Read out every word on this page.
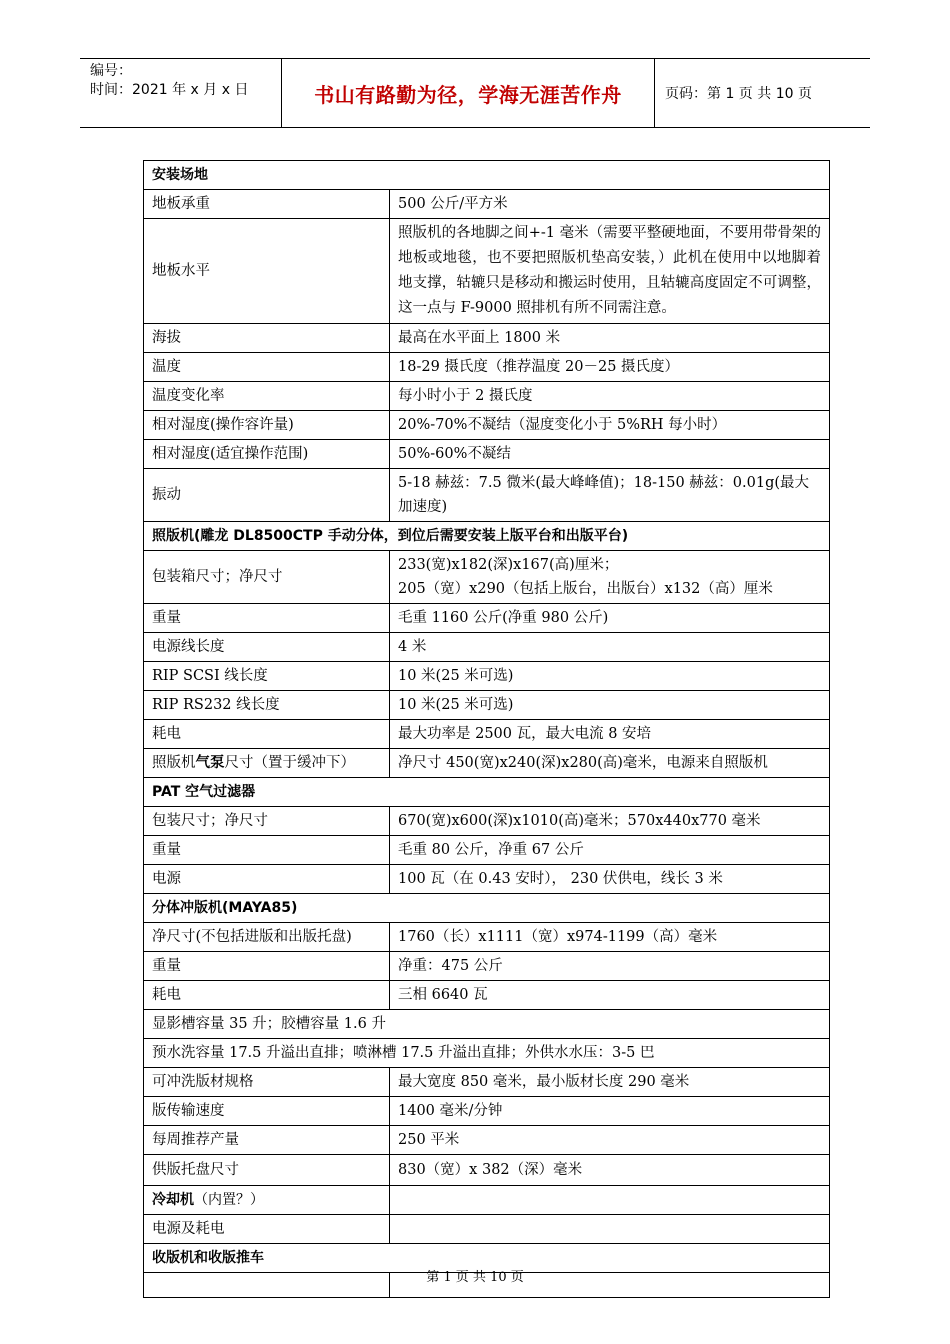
编号：
时间：2021 年 x 月 x 日	书山有路勤为径，学海无涯苦作舟	页码：第 1 页 共 10 页
安装场地	
地板承重	500 公斤/平方米
地板水平	照版机的各地脚之间+-1 毫米（需要平整硬地面，不要用带骨架的地板或地毯，也不要把照版机垫高安装，）此机在使用中以地脚着地支撑，轱辘只是移动和搬运时使用，且轱辘高度固定不可调整，这一点与 F-9000 照排机有所不同需注意。
海拔	最高在水平面上 1800 米
温度	18-29 摄氏度（推荐温度 20－25 摄氏度）
温度变化率	每小时小于 2 摄氏度
相对湿度(操作容许量)	20%-70%不凝结（湿度变化小于 5%RH 每小时）
相对湿度(适宜操作范围)	50%-60%不凝结
振动	5-18 赫兹：7.5 微米(最大峰峰值)；18-150 赫兹：0.01g(最大加速度)
照版机(雕龙 DL8500CTP 手动分体，到位后需要安装上版平台和出版平台)	
包装箱尺寸；净尺寸	233(宽)x182(深)x167(高)厘米；
205（宽）x290（包括上版台，出版台）x132（高）厘米

重量	毛重 1160 公斤(净重 980 公斤)
电源线长度	4 米
RIP SCSI 线长度	10 米(25 米可选)
RIP RS232 线长度	10 米(25 米可选)
耗电	最大功率是 2500 瓦，最大电流 8 安培
照版机气泵尺寸（置于缓冲下）	净尺寸 450(宽)x240(深)x280(高)毫米，电源来自照版机
PAT 空气过滤器	
包装尺寸；净尺寸	670(宽)x600(深)x1010(高)毫米；570x440x770 毫米
重量	毛重 80 公斤，净重 67 公斤
电源	100 瓦（在 0.43 安时）， 230 伏供电，线长 3 米
分体冲版机(MAYA85)	
净尺寸(不包括进版和出版托盘)	1760（长）x1111（宽）x974-1199（高）毫米
重量	净重：475 公斤
耗电	三相 6640 瓦
显影槽容量 35 升；胶槽容量 1.6 升	
预水洗容量 17.5 升溢出直排；喷淋槽 17.5 升溢出直排；外供水水压：3-5 巴	
可冲洗版材规格	最大宽度 850 毫米，最小版材长度 290 毫米
版传输速度	1400 毫米/分钟
每周推荐产量	250 平米
供版托盘尺寸	830（宽）x 382（深）毫米
冷却机（内置？）	
电源及耗电	
收版机和收版推车	

第 1 页 共 10 页
